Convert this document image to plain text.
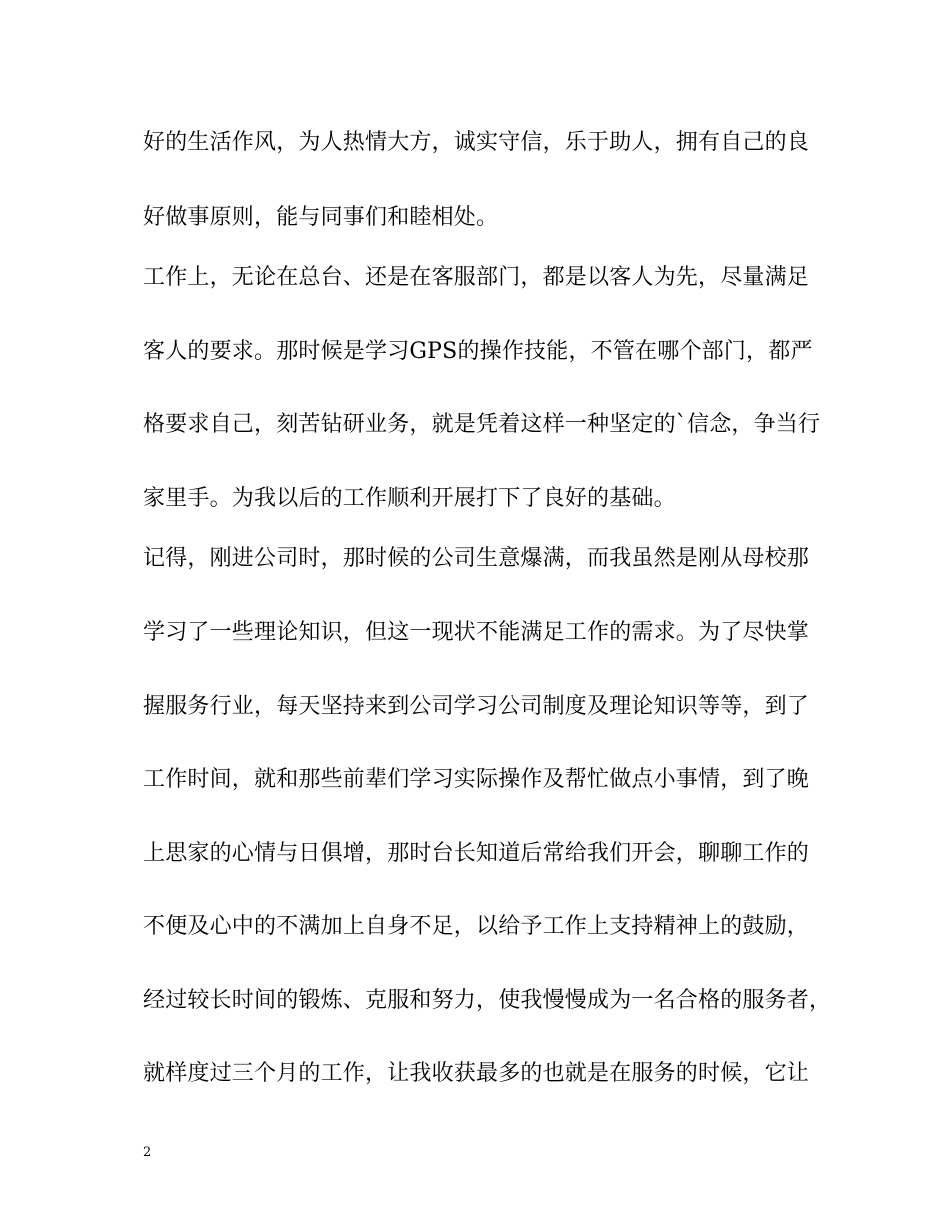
好的生活作风，为人热情大方，诚实守信，乐于助人，拥有自己的良
好做事原则，能与同事们和睦相处。
工作上，无论在总台、还是在客服部门，都是以客人为先，尽量满足
客人的要求。那时候是学习GPS的操作技能，不管在哪个部门，都严
格要求自己，刻苦钻研业务，就是凭着这样一种坚定的`信念，争当行
家里手。为我以后的工作顺利开展打下了良好的基础。
记得，刚进公司时，那时候的公司生意爆满，而我虽然是刚从母校那
学习了一些理论知识，但这一现状不能满足工作的需求。为了尽快掌
握服务行业，每天坚持来到公司学习公司制度及理论知识等等，到了
工作时间，就和那些前辈们学习实际操作及帮忙做点小事情，到了晚
上思家的心情与日俱增，那时台长知道后常给我们开会，聊聊工作的
不便及心中的不满加上自身不足，以给予工作上支持精神上的鼓励，
经过较长时间的锻炼、克服和努力，使我慢慢成为一名合格的服务者，
就样度过三个月的工作，让我收获最多的也就是在服务的时候，它让
2
